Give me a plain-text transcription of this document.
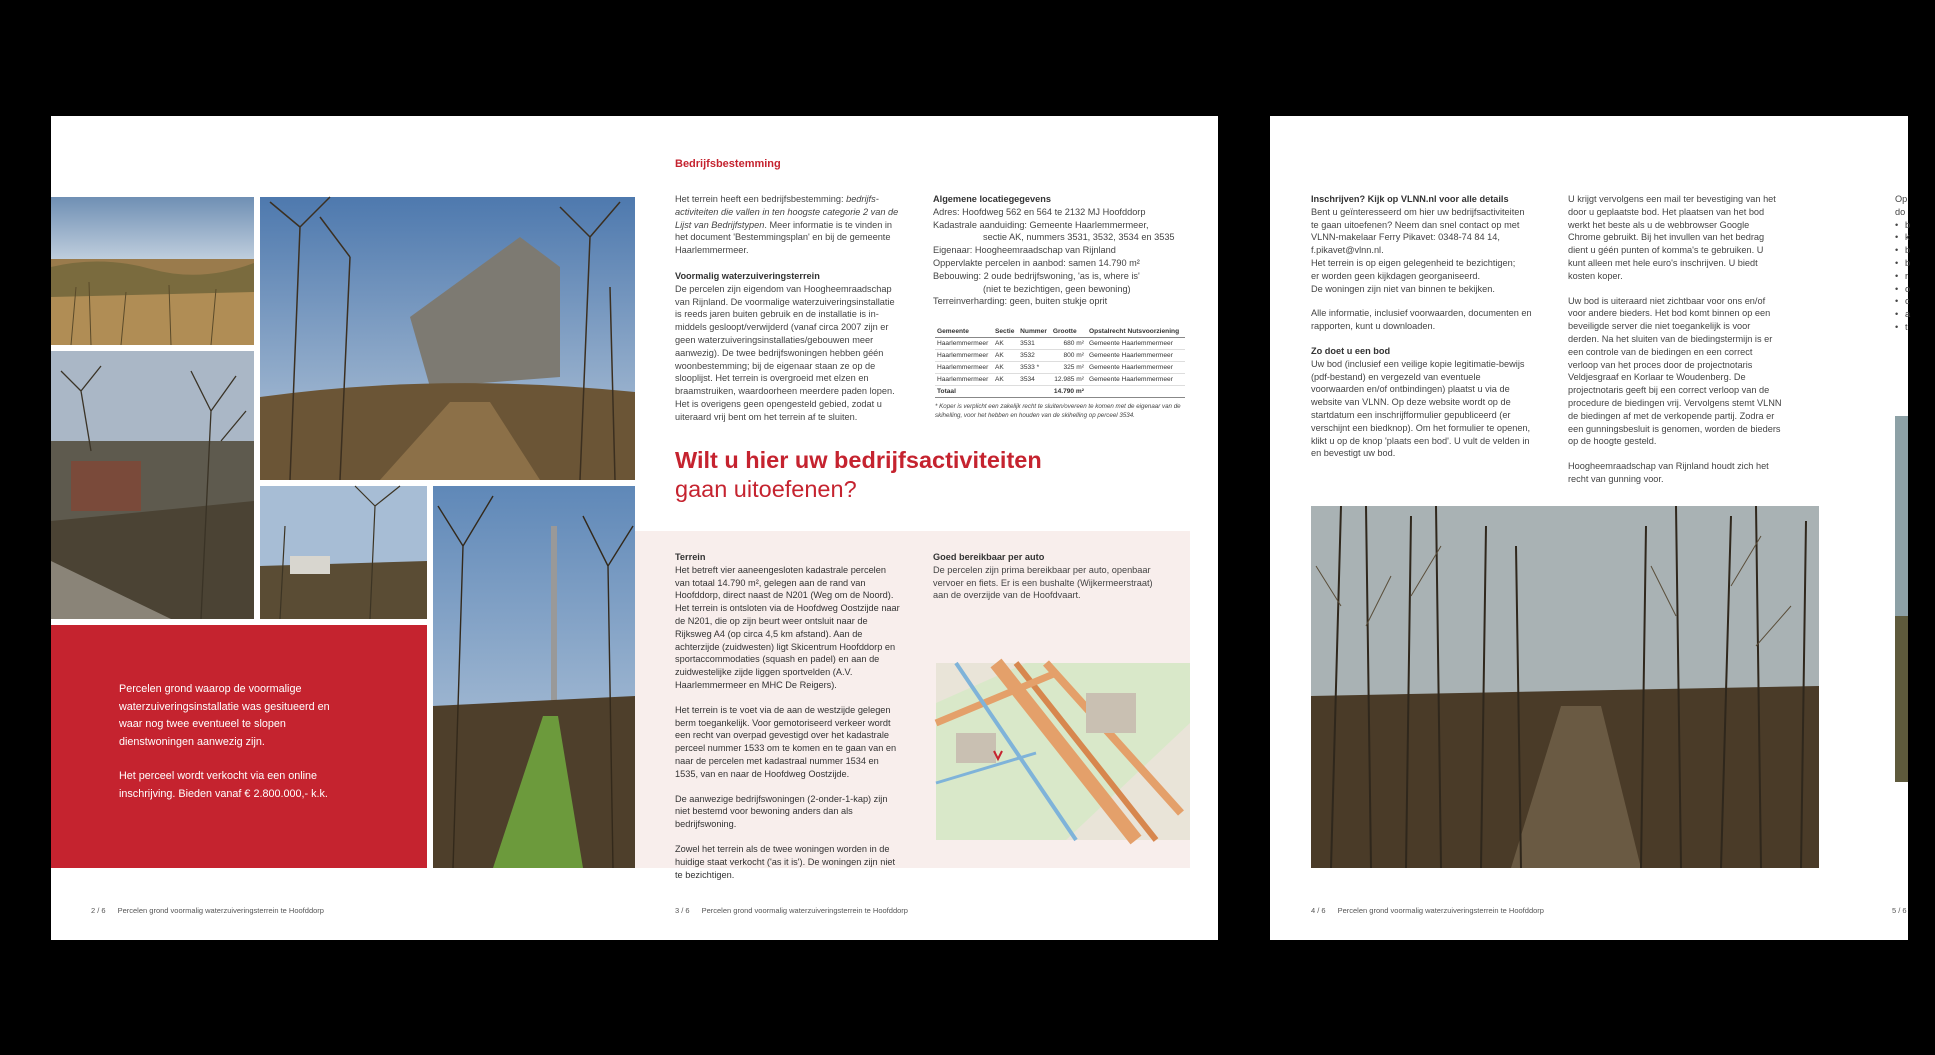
Percelen grond waarop de voormalige waterzuiveringsinstallatie was gesitueerd en waar nog twee eventueel te slopen dienstwoningen aanwezig zijn.

Het perceel wordt verkocht via een online inschrijving. Bieden vanaf € 2.800.000,- k.k.

Bedrijfsbestemming

Het terrein heeft een bedrijfsbestemming: bedrijfs-activiteiten die vallen in ten hoogste categorie 2 van de Lijst van Bedrijfstypen. Meer informatie is te vinden in het document 'Bestemmingsplan' en bij de gemeente Haarlemmermeer.

Voormalig waterzuiveringsterrein

De percelen zijn eigendom van Hoogheemraadschap van Rijnland. De voormalige waterzuiveringsinstallatie is reeds jaren buiten gebruik en de installatie is in-middels gesloopt/verwijderd (vanaf circa 2007 zijn er geen waterzuiveringsinstallaties/gebouwen meer aanwezig). De twee bedrijfswoningen hebben géén woonbestemming; bij de eigenaar staan ze op de slooplijst. Het terrein is overgroeid met elzen en braamstruiken, waardoorheen meerdere paden lopen. Het is overigens geen opengesteld gebied, zodat u uiteraard vrij bent om het terrein af te sluiten.

Algemene locatiegegevens

Adres: Hoofdweg 562 en 564 te 2132 MJ Hoofddorp

Kadastrale aanduiding: Gemeente Haarlemmermeer,

sectie AK, nummers 3531, 3532, 3534 en 3535

Eigenaar: Hoogheemraadschap van Rijnland

Oppervlakte percelen in aanbod: samen 14.790 m²

Bebouwing: 2 oude bedrijfswoning, 'as is, where is'

(niet te bezichtigen, geen bewoning)

Terreinverharding: geen, buiten stukje oprit

Gemeente	Sectie	Nummer	Grootte	Opstalrecht Nutsvoorziening
Haarlemmermeer	AK	3531	680 m²	Gemeente Haarlemmermeer
Haarlemmermeer	AK	3532	800 m²	Gemeente Haarlemmermeer
Haarlemmermeer	AK	3533 *	325 m²	Gemeente Haarlemmermeer
Haarlemmermeer	AK	3534	12.985 m²	Gemeente Haarlemmermeer
Totaal			14.790 m²	
* Koper is verplicht een zakelijk recht te sluiten/overeen te komen met de eigenaar van de skihelling, voor het hebben en houden van de skihelling op perceel 3534.
Wilt u hier uw bedrijfsactiviteiten
gaan uitoefenen?

Terrein

Het betreft vier aaneengesloten kadastrale percelen van totaal 14.790 m², gelegen aan de rand van Hoofddorp, direct naast de N201 (Weg om de Noord). Het terrein is ontsloten via de Hoofdweg Oostzijde naar de N201, die op zijn beurt weer ontsluit naar de Rijksweg A4 (op circa 4,5 km afstand). Aan de achterzijde (zuidwesten) ligt Skicentrum Hoofddorp en sportaccommodaties (squash en padel) en aan de zuidwestelijke zijde liggen sportvelden (A.V. Haarlemmermeer en MHC De Reigers).

Het terrein is te voet via de aan de westzijde gelegen berm toegankelijk. Voor gemotoriseerd verkeer wordt een recht van overpad gevestigd over het kadastrale perceel nummer 1533 om te komen en te gaan van en naar de percelen met kadastraal nummer 1534 en 1535, van en naar de Hoofdweg Oostzijde.

De aanwezige bedrijfswoningen (2-onder-1-kap) zijn niet bestemd voor bewoning anders dan als bedrijfswoning.

Zowel het terrein als de twee woningen worden in de huidige staat verkocht ('as it is'). De woningen zijn niet te bezichtigen.

Goed bereikbaar per auto

De percelen zijn prima bereikbaar per auto, openbaar vervoer en fiets. Er is een bushalte (Wijkermeerstraat) aan de overzijde van de Hoofdvaart.

2 / 6 Percelen grond voormalig waterzuiveringsterrein te Hoofddorp	3 / 6 Percelen grond voormalig waterzuiveringsterrein te Hoofddorp

Inschrijven? Kijk op VLNN.nl voor alle details

Bent u geïnteresseerd om hier uw bedrijfsactiviteiten

te gaan uitoefenen? Neem dan snel contact op met

VLNN-makelaar Ferry Pikavet: 0348-74 84 14,

f.pikavet@vlnn.nl.

Het terrein is op eigen gelegenheid te bezichtigen;

er worden geen kijkdagen georganiseerd.

De woningen zijn niet van binnen te bekijken.

Alle informatie, inclusief voorwaarden, documenten en rapporten, kunt u downloaden.

Zo doet u een bod

Uw bod (inclusief een veilige kopie legitimatie-bewijs (pdf-bestand) en vergezeld van eventuele voorwaarden en/of ontbindingen) plaatst u via de website van VLNN. Op deze website wordt op de startdatum een inschrijfformulier gepubliceerd (er verschijnt een biedknop). Om het formulier te openen, klikt u op de knop 'plaats een bod'. U vult de velden in en bevestigt uw bod.

U krijgt vervolgens een mail ter bevestiging van het door u geplaatste bod. Het plaatsen van het bod werkt het beste als u de webbrowser Google Chrome gebruikt. Bij het invullen van het bedrag dient u géén punten of komma's te gebruiken. U kunt alleen met hele euro's inschrijven. U biedt kosten koper.

Uw bod is uiteraard niet zichtbaar voor ons en/of voor andere bieders. Het bod komt binnen op een beveiligde server die niet toegankelijk is voor derden. Na het sluiten van de biedingstermijn is er een controle van de biedingen en een correct verloop van het proces door de projectnotaris Veldjesgraaf en Korlaar te Woudenberg. De projectnotaris geeft bij een correct verloop van de procedure de biedingen vrij. Vervolgens stemt VLNN de biedingen af met de verkopende partij. Zodra er een gunningsbesluit is genomen, worden de bieders op de hoogte gesteld.

Hoogheemraadschap van Rijnland houdt zich het recht van gunning voor.

Op

do

• b
• k
• b
• b
• r
• o
• c
• a
• t
4 / 6 Percelen grond voormalig waterzuiveringsterrein te Hoofddorp	5 / 6
